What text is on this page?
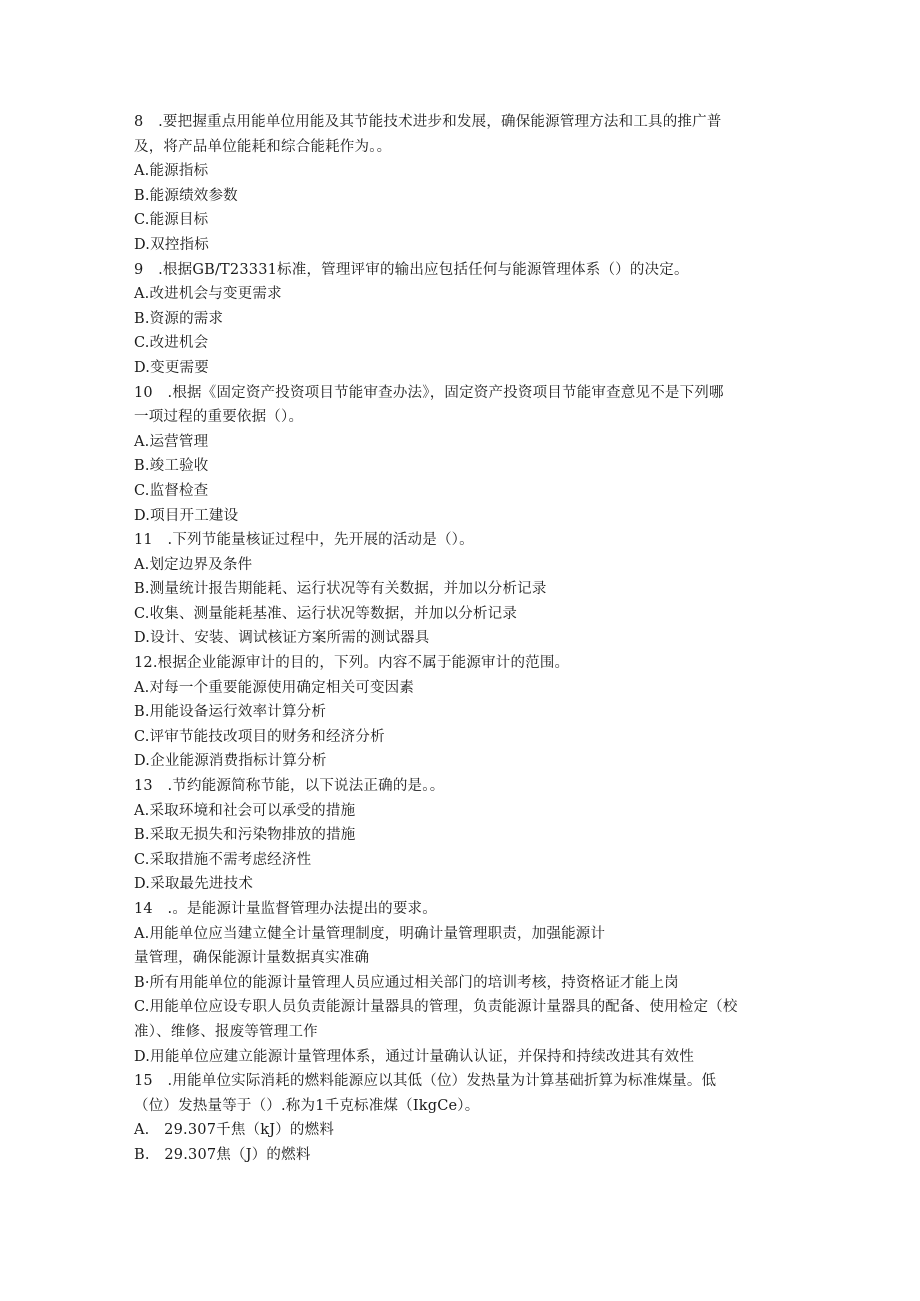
8　.要把握重点用能单位用能及其节能技术进步和发展，确保能源管理方法和工具的推广普
及，将产品单位能耗和综合能耗作为。。
A.能源指标
B.能源绩效参数
C.能源目标
D.双控指标
9　.根据GB/T23331标准，管理评审的输出应包括任何与能源管理体系（）的决定。
A.改进机会与变更需求
B.资源的需求
C.改进机会
D.变更需要
10　.根据《固定资产投资项目节能审查办法》，固定资产投资项目节能审查意见不是下列哪
一项过程的重要依据（）。
A.运营管理
B.竣工验收
C.监督检查
D.项目开工建设
11　.下列节能量核证过程中，先开展的活动是（）。
A.划定边界及条件
B.测量统计报告期能耗、运行状况等有关数据，并加以分析记录
C.收集、测量能耗基准、运行状况等数据，并加以分析记录
D.设计、安装、调试核证方案所需的测试器具
12.根据企业能源审计的目的，下列。内容不属于能源审计的范围。
A.对每一个重要能源使用确定相关可变因素
B.用能设备运行效率计算分析
C.评审节能技改项目的财务和经济分析
D.企业能源消费指标计算分析
13　.节约能源简称节能，以下说法正确的是。。
A.采取环境和社会可以承受的措施
B.采取无损失和污染物排放的措施
C.采取措施不需考虑经济性
D.采取最先进技术
14　.。是能源计量监督管理办法提出的要求。
A.用能单位应当建立健全计量管理制度，明确计量管理职责，加强能源计
量管理，确保能源计量数据真实准确
B·所有用能单位的能源计量管理人员应通过相关部门的培训考核，持资格证才能上岗
C.用能单位应设专职人员负责能源计量器具的管理，负责能源计量器具的配备、使用检定（校
准）、维修、报废等管理工作
D.用能单位应建立能源计量管理体系，通过计量确认认证，并保持和持续改进其有效性
15　.用能单位实际消耗的燃料能源应以其低（位）发热量为计算基础折算为标准煤量。低
（位）发热量等于（）.称为1千克标准煤（IkgCe）。
A.　29.307千焦（kJ）的燃料
B.　29.307焦（J）的燃料
